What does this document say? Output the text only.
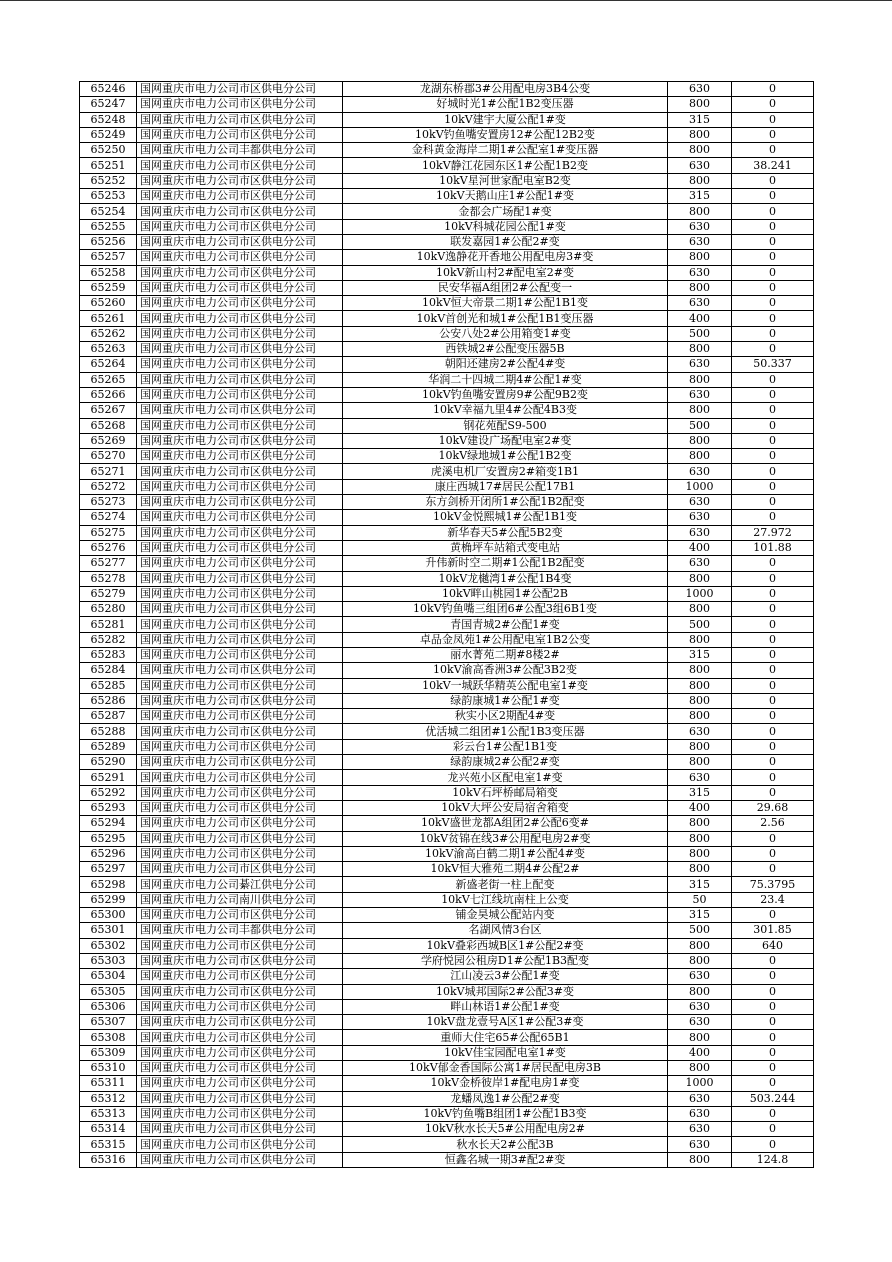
65246	国网重庆市电力公司市区供电分公司	龙湖东桥郡3#公用配电房3B4公变	630	0
65247	国网重庆市电力公司市区供电分公司	好城时光1#公配1B2变压器	800	0
65248	国网重庆市电力公司市区供电分公司	10kV建宇大厦公配1#变	315	0
65249	国网重庆市电力公司市区供电分公司	10kV钓鱼嘴安置房12#公配12B2变	800	0
65250	国网重庆市电力公司丰都供电分公司	金科黄金海岸二期1#公配室1#变压器	800	0
65251	国网重庆市电力公司市区供电分公司	10kV静江花园东区1#公配1B2变	630	38.241
65252	国网重庆市电力公司市区供电分公司	10kV星河世家配电室B2变	800	0
65253	国网重庆市电力公司市区供电分公司	10kV天鹅山庄1#公配1#变	315	0
65254	国网重庆市电力公司市区供电分公司	金都会广场配1#变	800	0
65255	国网重庆市电力公司市区供电分公司	10kV科城花园公配1#变	630	0
65256	国网重庆市电力公司市区供电分公司	联发嘉园1#公配2#变	630	0
65257	国网重庆市电力公司市区供电分公司	10kV逸静花开香地公用配电房3#变	800	0
65258	国网重庆市电力公司市区供电分公司	10kV新山村2#配电室2#变	630	0
65259	国网重庆市电力公司市区供电分公司	民安华福A组团2#公配变一	800	0
65260	国网重庆市电力公司市区供电分公司	10kV恒大帝景二期1#公配1B1变	630	0
65261	国网重庆市电力公司市区供电分公司	10kV首创光和城1#公配1B1变压器	400	0
65262	国网重庆市电力公司市区供电分公司	公安八处2#公用箱变1#变	500	0
65263	国网重庆市电力公司市区供电分公司	西铁城2#公配变压器5B	800	0
65264	国网重庆市电力公司市区供电分公司	朝阳还建房2#公配4#变	630	50.337
65265	国网重庆市电力公司市区供电分公司	华润二十四城二期4#公配1#变	800	0
65266	国网重庆市电力公司市区供电分公司	10kV钓鱼嘴安置房9#公配9B2变	630	0
65267	国网重庆市电力公司市区供电分公司	10kV幸福九里4#公配4B3变	800	0
65268	国网重庆市电力公司市区供电分公司	钢花苑配S9-500	500	0
65269	国网重庆市电力公司市区供电分公司	10kV建设广场配电室2#变	800	0
65270	国网重庆市电力公司市区供电分公司	10kV绿地城1#公配1B2变	800	0
65271	国网重庆市电力公司市区供电分公司	虎溪电机厂安置房2#箱变1B1	630	0
65272	国网重庆市电力公司市区供电分公司	康庄西城17#居民公配17B1	1000	0
65273	国网重庆市电力公司市区供电分公司	东方剑桥开闭所1#公配1B2配变	630	0
65274	国网重庆市电力公司市区供电分公司	10kV金悦熙城1#公配1B1变	630	0
65275	国网重庆市电力公司市区供电分公司	新华春天5#公配5B2变	630	27.972
65276	国网重庆市电力公司市区供电分公司	黄桷坪车站箱式变电站	400	101.88
65277	国网重庆市电力公司市区供电分公司	升伟新时空二期#1公配1B2配变	630	0
65278	国网重庆市电力公司市区供电分公司	10kV龙樾湾1#公配1B4变	800	0
65279	国网重庆市电力公司市区供电分公司	10kV畔山桃园1#公配2B	1000	0
65280	国网重庆市电力公司市区供电分公司	10kV钓鱼嘴三组团6#公配3组6B1变	800	0
65281	国网重庆市电力公司市区供电分公司	青国青城2#公配1#变	500	0
65282	国网重庆市电力公司市区供电分公司	卓品金凤苑1#公用配电室1B2公变	800	0
65283	国网重庆市电力公司市区供电分公司	丽水菁苑二期#8楼2#	315	0
65284	国网重庆市电力公司市区供电分公司	10kV渝高香洲3#公配3B2变	800	0
65285	国网重庆市电力公司市区供电分公司	10kV一城跃华精英公配电室1#变	800	0
65286	国网重庆市电力公司市区供电分公司	绿韵康城1#公配1#变	800	0
65287	国网重庆市电力公司市区供电分公司	秋实小区2期配4#变	800	0
65288	国网重庆市电力公司市区供电分公司	优活城二组团#1公配1B3变压器	630	0
65289	国网重庆市电力公司市区供电分公司	彩云台1#公配1B1变	800	0
65290	国网重庆市电力公司市区供电分公司	绿韵康城2#公配2#变	800	0
65291	国网重庆市电力公司市区供电分公司	龙兴苑小区配电室1#变	630	0
65292	国网重庆市电力公司市区供电分公司	10kV石坪桥邮局箱变	315	0
65293	国网重庆市电力公司市区供电分公司	10kV大坪公安局宿舍箱变	400	29.68
65294	国网重庆市电力公司市区供电分公司	10kV盛世龙都A组团2#公配6变#	800	2.56
65295	国网重庆市电力公司市区供电分公司	10kV贫锦在线3#公用配电房2#变	800	0
65296	国网重庆市电力公司市区供电分公司	10kV渝高白鹤二期1#公配4#变	800	0
65297	国网重庆市电力公司市区供电分公司	10kV恒大雅苑二期4#公配2#	800	0
65298	国网重庆市电力公司綦江供电分公司	新盛老街一柱上配变	315	75.3795
65299	国网重庆市电力公司南川供电分公司	10kV七江线坑南柱上公变	50	23.4
65300	国网重庆市电力公司市区供电分公司	铺金昊城公配站内变	315	0
65301	国网重庆市电力公司丰都供电分公司	名湖风情3台区	500	301.85
65302	国网重庆市电力公司市区供电分公司	10kV叠彩西城B区1#公配2#变	800	640
65303	国网重庆市电力公司市区供电分公司	学府悦园公租房D1#公配1B3配变	800	0
65304	国网重庆市电力公司市区供电分公司	江山凌云3#公配1#变	630	0
65305	国网重庆市电力公司市区供电分公司	10kV城邦国际2#公配3#变	800	0
65306	国网重庆市电力公司市区供电分公司	畔山林语1#公配1#变	630	0
65307	国网重庆市电力公司市区供电分公司	10kV盘龙壹号A区1#公配3#变	630	0
65308	国网重庆市电力公司市区供电分公司	重师大住宅65#公配65B1	800	0
65309	国网重庆市电力公司市区供电分公司	10kV佳宝园配电室1#变	400	0
65310	国网重庆市电力公司市区供电分公司	10kV郁金香国际公寓1#居民配电房3B	800	0
65311	国网重庆市电力公司市区供电分公司	10kV金桥彼岸1#配电房1#变	1000	0
65312	国网重庆市电力公司市区供电分公司	龙蟠凤逸1#公配2#变	630	503.244
65313	国网重庆市电力公司市区供电分公司	10kV钓鱼嘴B组团1#公配1B3变	630	0
65314	国网重庆市电力公司市区供电分公司	10kV秋水长天5#公用配电房2#	630	0
65315	国网重庆市电力公司市区供电分公司	秋水长天2#公配3B	630	0
65316	国网重庆市电力公司市区供电分公司	恒鑫名城一期3#配2#变	800	124.8
